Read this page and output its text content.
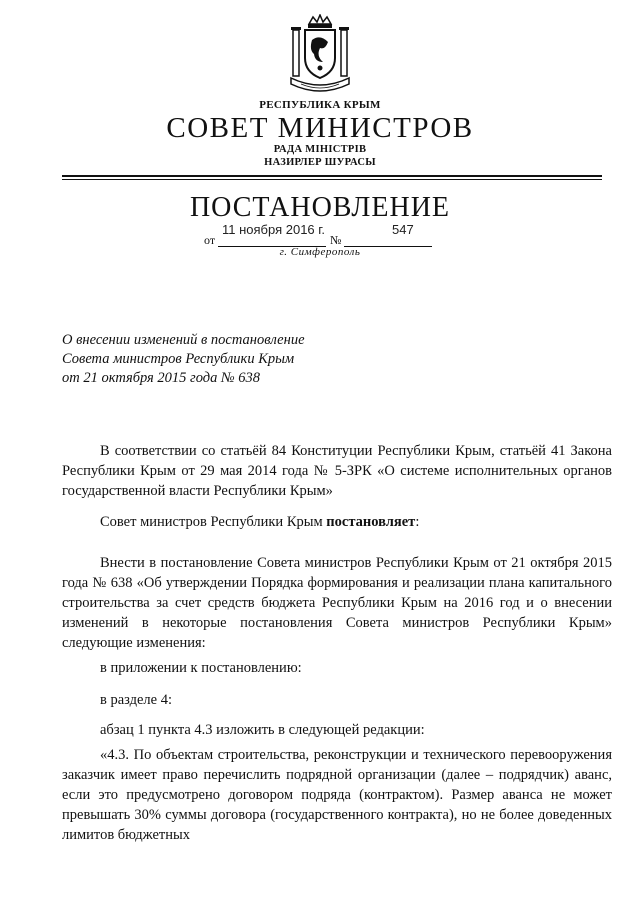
РЕСПУБЛИКА КРЫМ
СОВЕТ МИНИСТРОВ
РАДА МІНІСТРІВ
НАЗИРЛЕР ШУРАСЫ
ПОСТАНОВЛЕНИЕ
от
11 ноября 2016 г.
№
547
г. Симферополь
О внесении изменений в постановление
Совета министров Республики Крым
от 21 октября 2015 года № 638
В соответствии со статьёй 84 Конституции Республики Крым, статьёй 41 Закона Республики Крым от 29 мая 2014 года № 5-ЗРК «О системе исполнительных органов государственной власти Республики Крым»
Совет министров Республики Крым постановляет:
Внести в постановление Совета министров Республики Крым от 21 октября 2015 года № 638 «Об утверждении Порядка формирования и реализации плана капитального строительства за счет средств бюджета Республики Крым на 2016 год и о внесении изменений в некоторые постановления Совета министров Республики Крым» следующие изменения:
в приложении к постановлению:
в разделе 4:
абзац 1 пункта 4.3 изложить в следующей редакции:
«4.3. По объектам строительства, реконструкции и технического перевооружения заказчик имеет право перечислить подрядной организации (далее – подрядчик) аванс, если это предусмотрено договором подряда (контрактом). Размер аванса не может превышать 30% суммы договора (государственного контракта), но не более доведенных лимитов бюджетных
